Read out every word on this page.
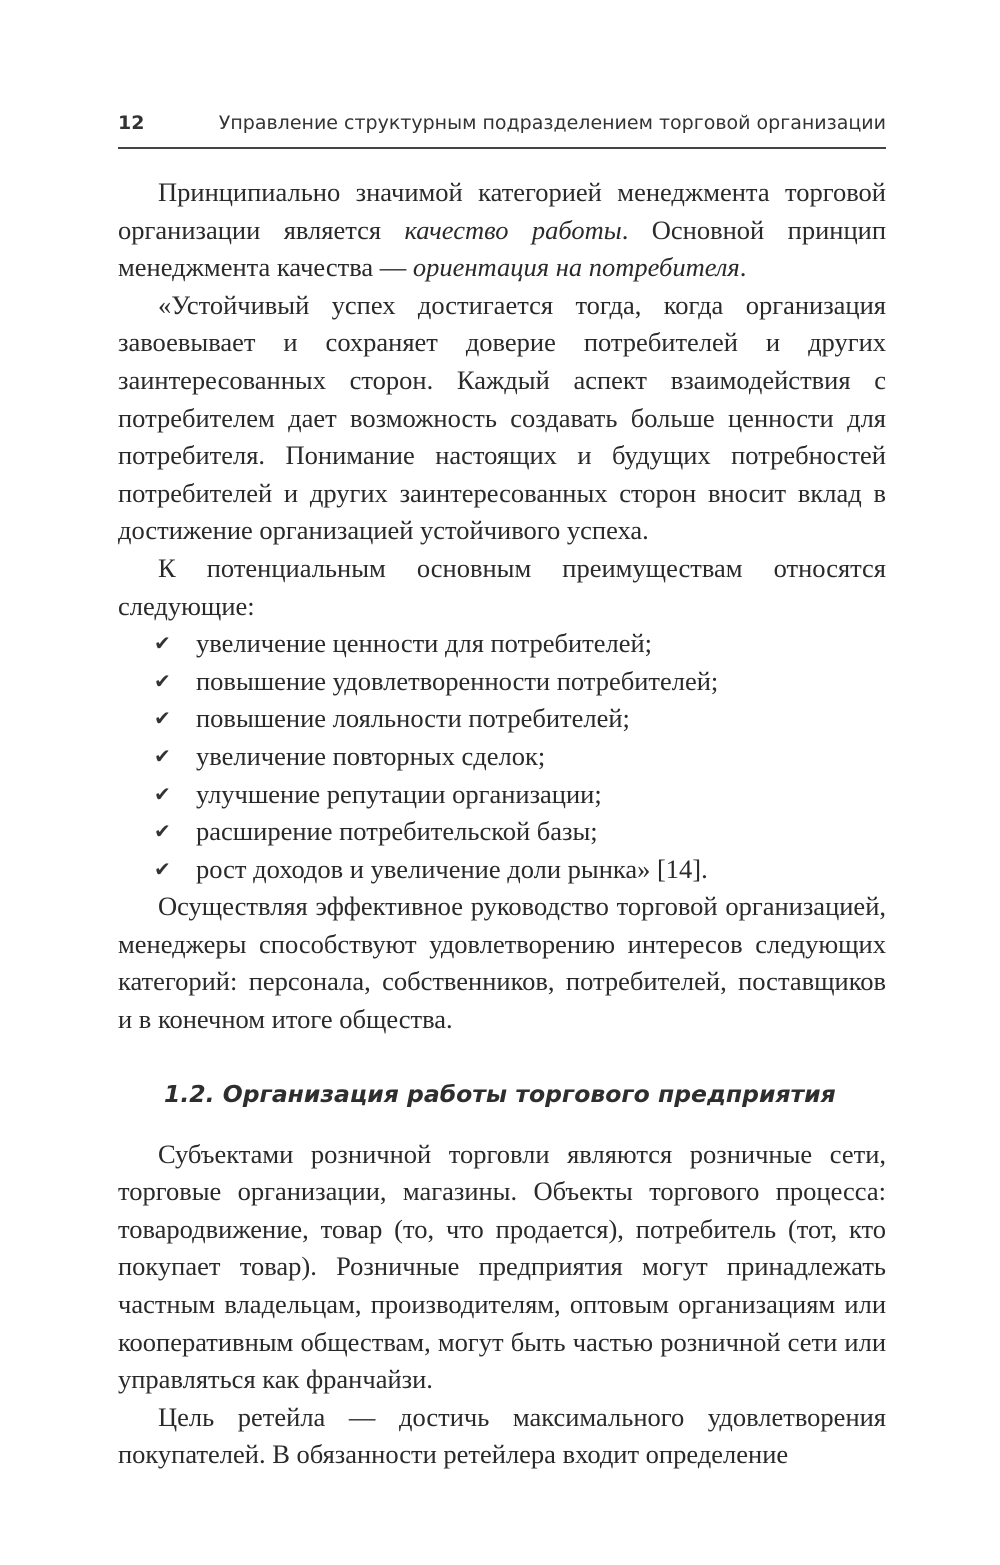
12	Управление структурным подразделением торговой организации

Принципиально значимой категорией менеджмента торговой организации является качество работы. Основной принцип менеджмента качества — ориентация на потребителя.

«Устойчивый успех достигается тогда, когда организация завоевывает и сохраняет доверие потребителей и других заинтересованных сторон. Каждый аспект взаимодействия с потребителем дает возможность создавать больше ценности для потребителя. Понимание настоящих и будущих потребностей потребителей и других заинтересованных сторон вносит вклад в достижение организацией устойчивого успеха.

К потенциальным основным преимуществам относятся следующие:

✔ увеличение ценности для потребителей;
✔ повышение удовлетворенности потребителей;
✔ повышение лояльности потребителей;
✔ увеличение повторных сделок;
✔ улучшение репутации организации;
✔ расширение потребительской базы;
✔ рост доходов и увеличение доли рынка» [14].

Осуществляя эффективное руководство торговой организацией, менеджеры способствуют удовлетворению интересов следующих категорий: персонала, собственников, потребителей, поставщиков и в конечном итоге общества.

1.2. Организация работы торгового предприятия

Субъектами розничной торговли являются розничные сети, торговые организации, магазины. Объекты торгового процесса: товародвижение, товар (то, что продается), потребитель (тот, кто покупает товар). Розничные предприятия могут принадлежать частным владельцам, производителям, оптовым организациям или кооперативным обществам, могут быть частью розничной сети или управляться как франчайзи.

Цель ретейла — достичь максимального удовлетворения покупателей. В обязанности ретейлера входит определение
